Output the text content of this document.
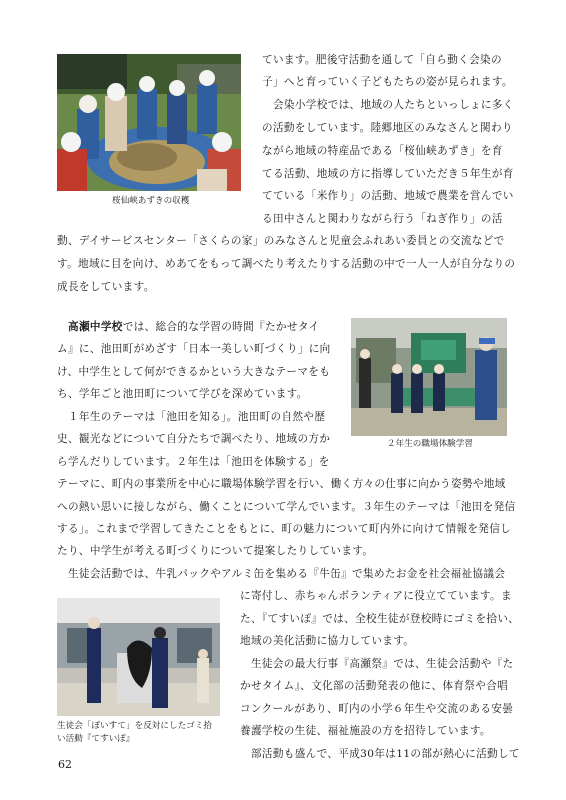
桜仙峡あずきの収穫
２年生の職場体験学習
生徒会「ぽいすて」を反対にしたゴミ拾
い活動『てすいぽ』
ています。肥後守活動を通して「自ら動く会染の
子」へと育っていく子どもたちの姿が見られます。
　会染小学校では、地域の人たちといっしょに多く
の活動をしています。陸郷地区のみなさんと関わり
ながら地域の特産品である「桜仙峡あずき」を育
てる活動、地域の方に指導していただき５年生が育
てている「米作り」の活動、地域で農業を営んでい
る田中さんと関わりながら行う「ねぎ作り」の活
動、デイサービスセンター「さくらの家」のみなさんと児童会ふれあい委員との交流などで
す。地域に目を向け、めあてをもって調べたり考えたりする活動の中で一人一人が自分なりの
成長をしています。
高瀬中学校では、総合的な学習の時間『たかせタイ
ム』に、池田町がめざす「日本一美しい町づくり」に向
け、中学生として何ができるかという大きなテーマをも
ち、学年ごと池田町について学びを深めています。
　１年生のテーマは「池田を知る」。池田町の自然や歴
史、観光などについて自分たちで調べたり、地域の方か
ら学んだりしています。２年生は「池田を体験する」を
テーマに、町内の事業所を中心に職場体験学習を行い、働く方々の仕事に向かう姿勢や地域
への熱い思いに接しながら、働くことについて学んでいます。３年生のテーマは「池田を発信
する」。これまで学習してきたことをもとに、町の魅力について町内外に向けて情報を発信し
たり、中学生が考える町づくりについて提案したりしています。
　生徒会活動では、牛乳パックやアルミ缶を集める『牛缶』で集めたお金を社会福祉協議会
に寄付し、赤ちゃんボランティアに役立てています。ま
た、『てすいぽ』では、全校生徒が登校時にゴミを拾い、
地域の美化活動に協力しています。
　生徒会の最大行事『高瀬祭』では、生徒会活動や『た
かせタイム』、文化部の活動発表の他に、体育祭や合唱
コンクールがあり、町内の小学６年生や交流のある安曇
養護学校の生徒、福祉施設の方を招待しています。
　部活動も盛んで、平成30年は11の部が熱心に活動して
62
